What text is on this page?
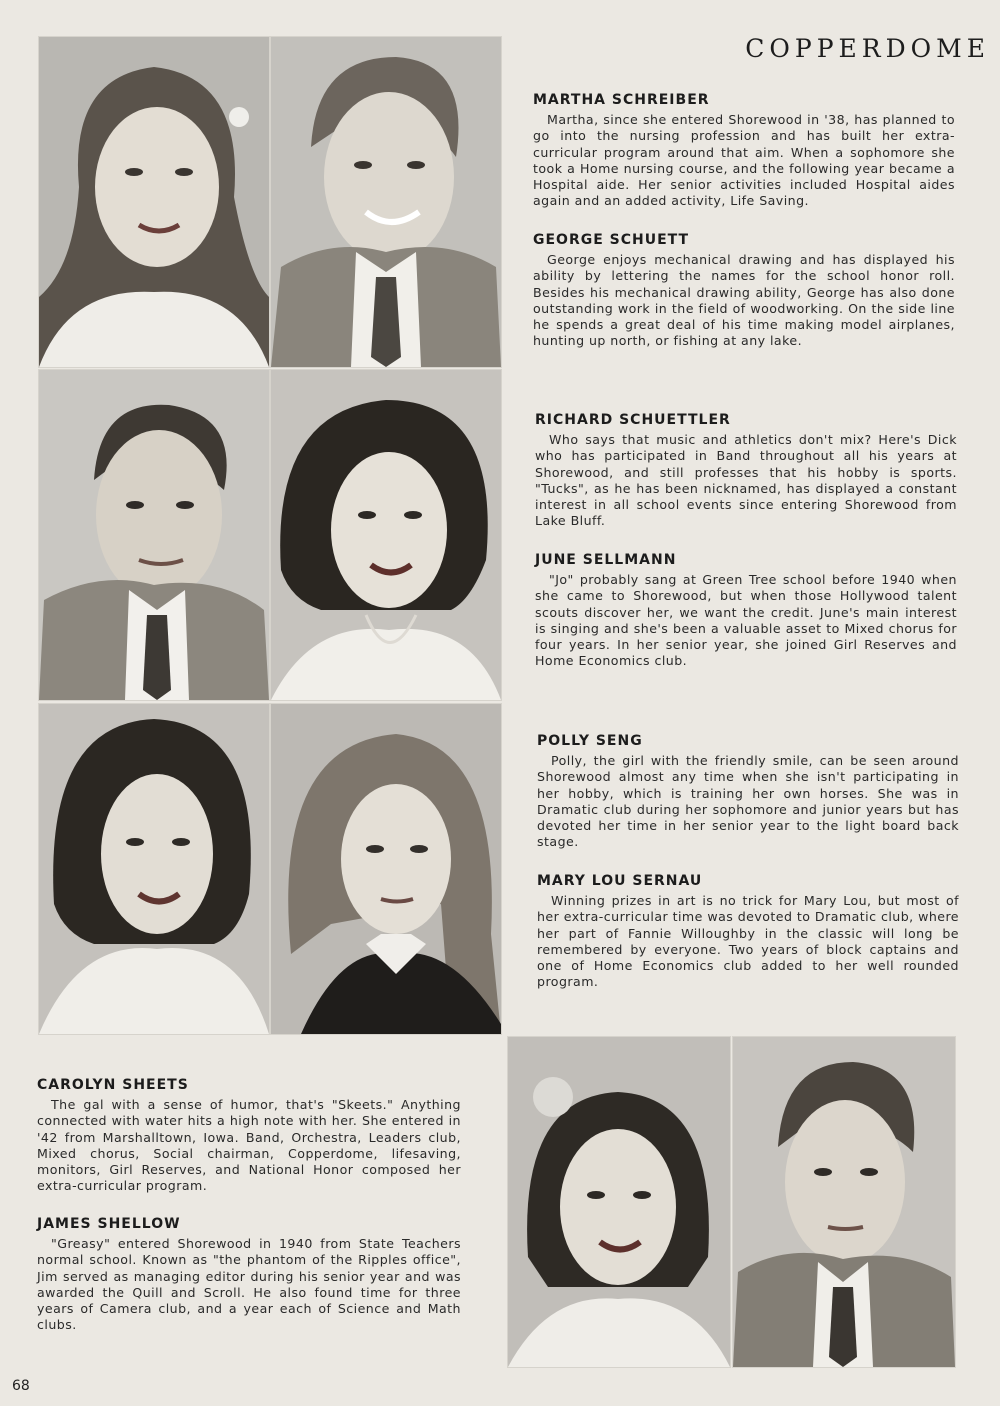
COPPERDOME
MARTHA SCHREIBER

Martha, since she entered Shorewood in '38, has planned to go into the nursing profession and has built her extra-curricular program around that aim. When a sophomore she took a Home nursing course, and the following year became a Hospital aide. Her senior activities included Hospital aides again and an added activity, Life Saving.

GEORGE SCHUETT

George enjoys mechanical drawing and has displayed his ability by lettering the names for the school honor roll. Besides his mechanical drawing ability, George has also done outstanding work in the field of woodworking. On the side line he spends a great deal of his time making model airplanes, hunting up north, or fishing at any lake.

RICHARD SCHUETTLER

Who says that music and athletics don't mix? Here's Dick who has participated in Band throughout all his years at Shorewood, and still professes that his hobby is sports. "Tucks", as he has been nicknamed, has displayed a constant interest in all school events since entering Shorewood from Lake Bluff.

JUNE SELLMANN

"Jo" probably sang at Green Tree school before 1940 when she came to Shorewood, but when those Hollywood talent scouts discover her, we want the credit. June's main interest is singing and she's been a valuable asset to Mixed chorus for four years. In her senior year, she joined Girl Reserves and Home Economics club.

POLLY SENG

Polly, the girl with the friendly smile, can be seen around Shorewood almost any time when she isn't participating in her hobby, which is training her own horses. She was in Dramatic club during her sophomore and junior years but has devoted her time in her senior year to the light board back stage.

MARY LOU SERNAU

Winning prizes in art is no trick for Mary Lou, but most of her extra-curricular time was devoted to Dramatic club, where her part of Fannie Willoughby in the classic will long be remembered by everyone. Two years of block captains and one of Home Economics club added to her well rounded program.

CAROLYN SHEETS

The gal with a sense of humor, that's "Skeets." Anything connected with water hits a high note with her. She entered in '42 from Marshalltown, Iowa. Band, Orchestra, Leaders club, Mixed chorus, Social chairman, Copperdome, lifesaving, monitors, Girl Reserves, and National Honor composed her extra-curricular program.

JAMES SHELLOW

"Greasy" entered Shorewood in 1940 from State Teachers normal school. Known as "the phantom of the Ripples office", Jim served as managing editor during his senior year and was awarded the Quill and Scroll. He also found time for three years of Camera club, and a year each of Science and Math clubs.

68
